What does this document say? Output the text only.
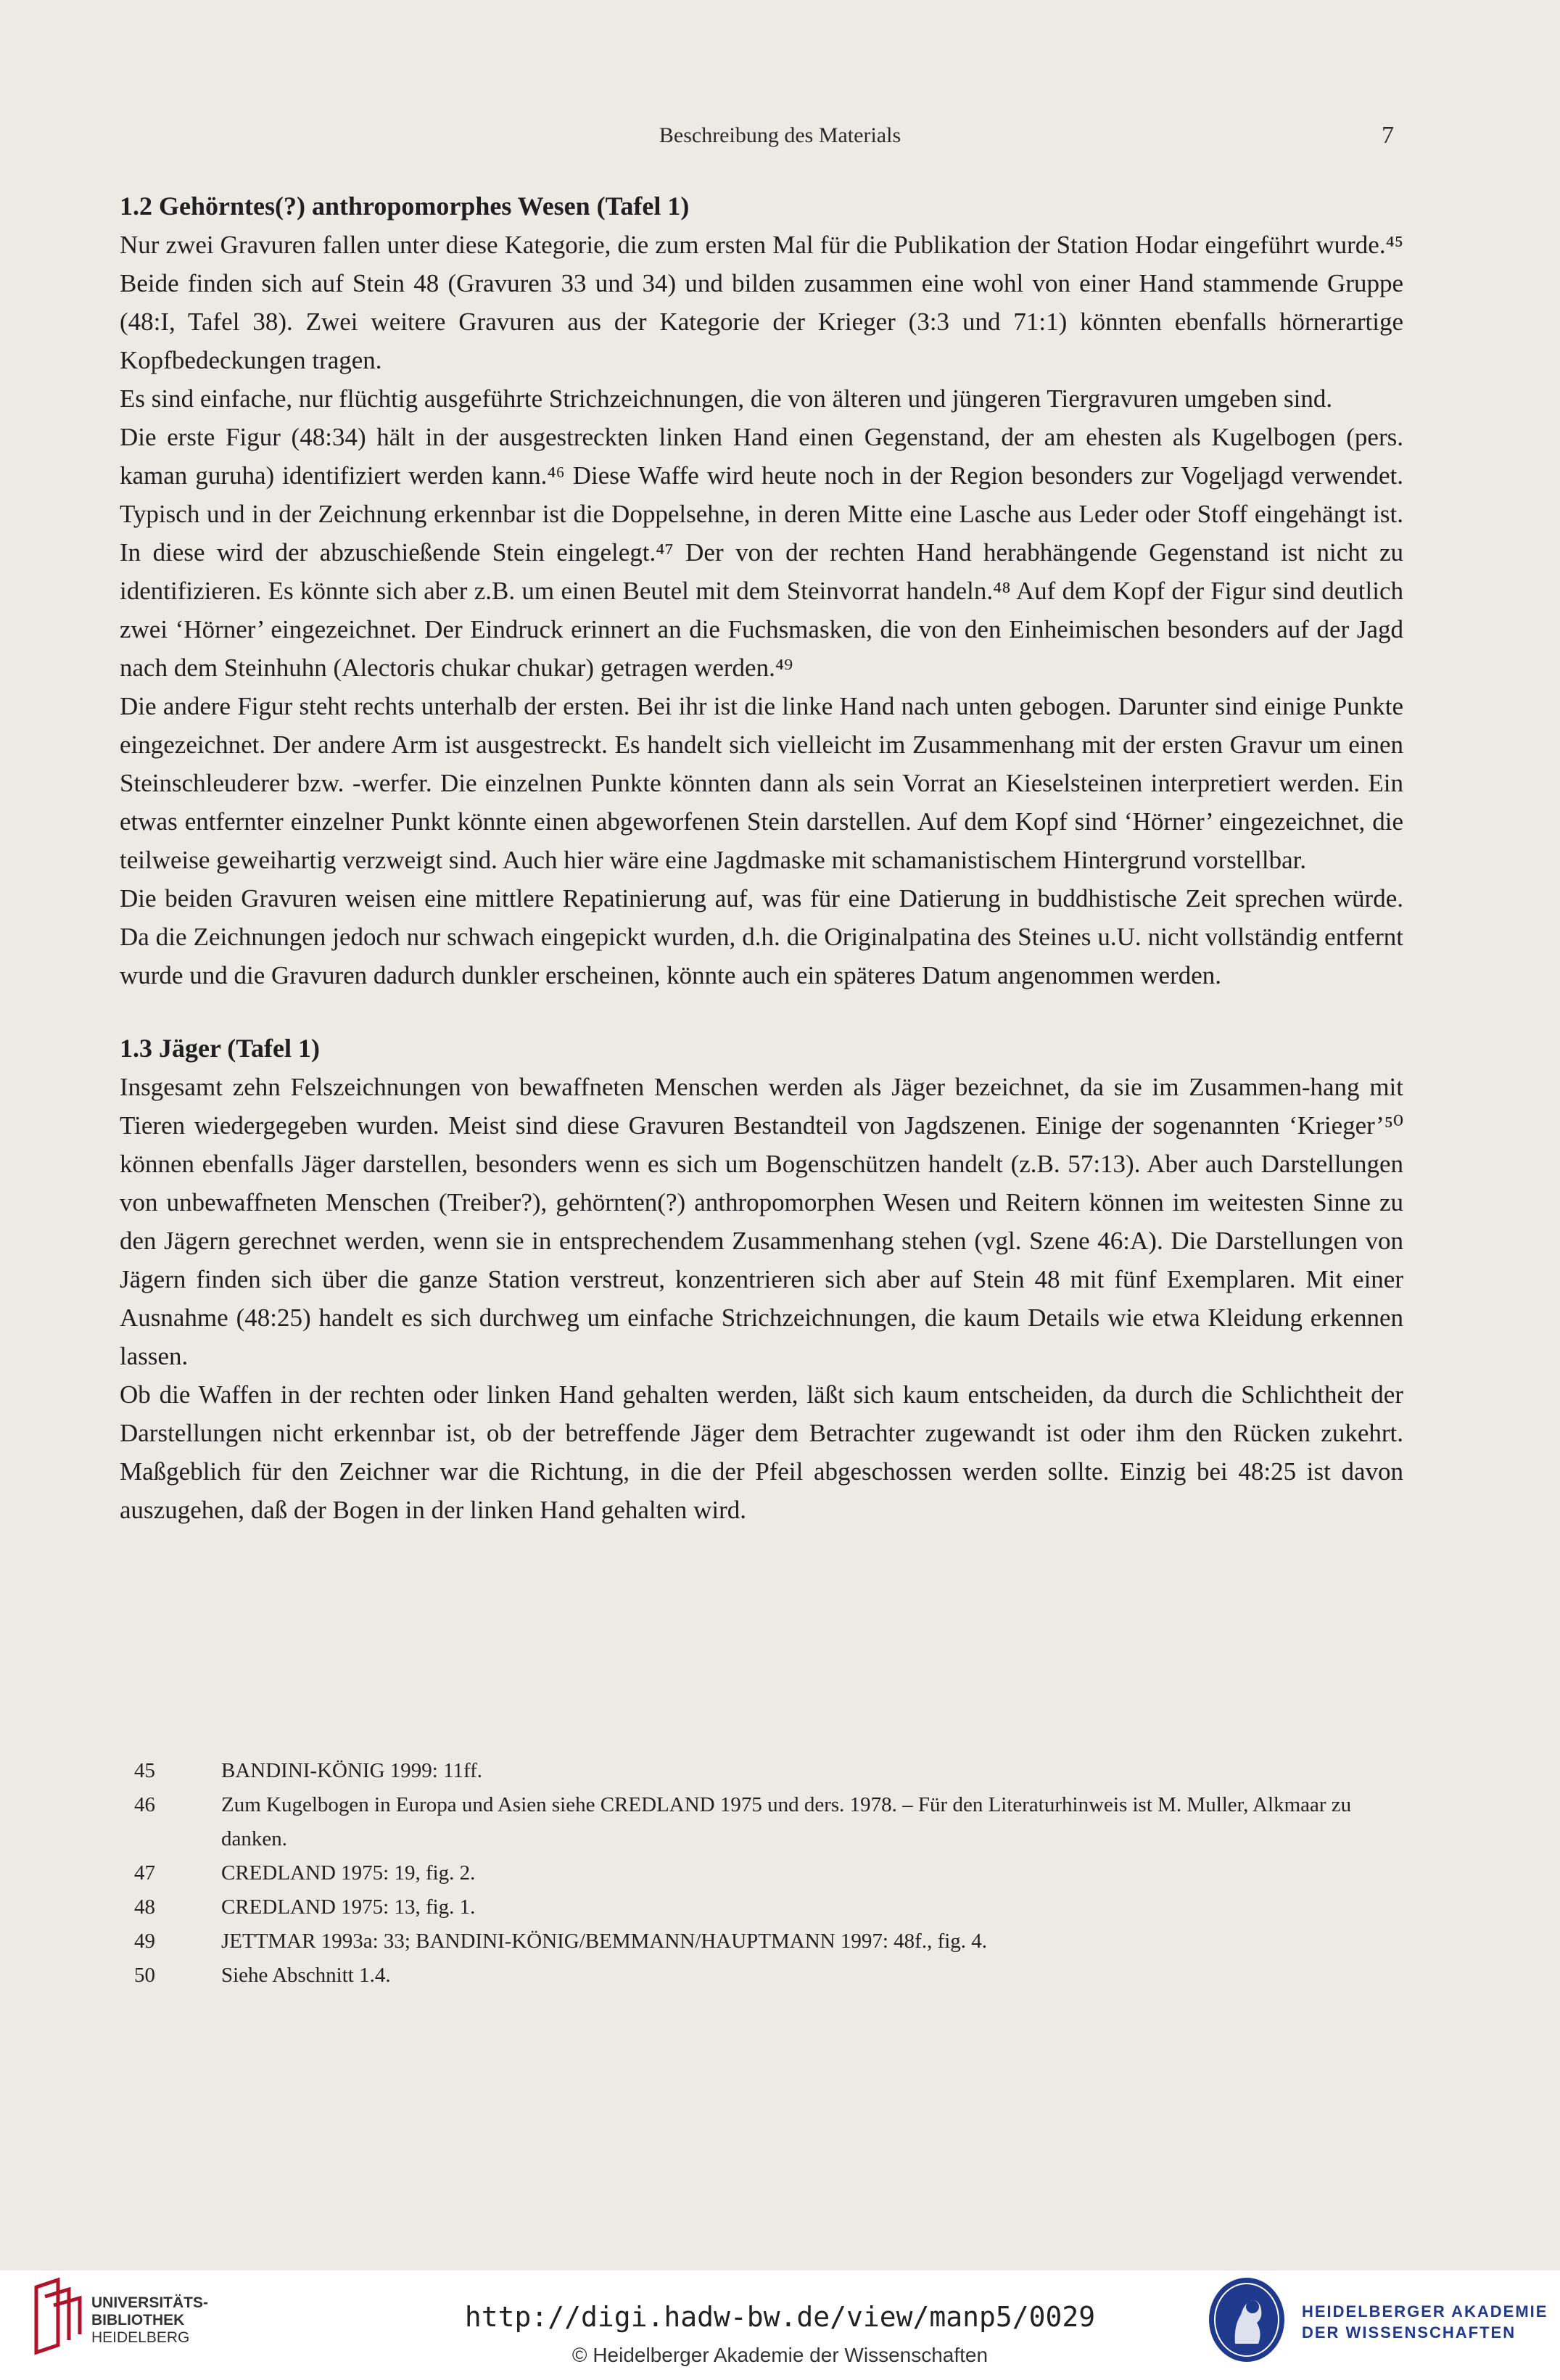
Beschreibung des Materials	7
1.2 Gehörntes(?) anthropomorphes Wesen (Tafel 1)

Nur zwei Gravuren fallen unter diese Kategorie, die zum ersten Mal für die Publikation der Station Hodar eingeführt wurde.⁴⁵ Beide finden sich auf Stein 48 (Gravuren 33 und 34) und bilden zusammen eine wohl von einer Hand stammende Gruppe (48:I, Tafel 38). Zwei weitere Gravuren aus der Kategorie der Krieger (3:3 und 71:1) könnten ebenfalls hörnerartige Kopfbedeckungen tragen.

Es sind einfache, nur flüchtig ausgeführte Strichzeichnungen, die von älteren und jüngeren Tiergravuren umgeben sind.

Die erste Figur (48:34) hält in der ausgestreckten linken Hand einen Gegenstand, der am ehesten als Kugelbogen (pers. kaman guruha) identifiziert werden kann.⁴⁶ Diese Waffe wird heute noch in der Region besonders zur Vogeljagd verwendet. Typisch und in der Zeichnung erkennbar ist die Doppelsehne, in deren Mitte eine Lasche aus Leder oder Stoff eingehängt ist. In diese wird der abzuschießende Stein eingelegt.⁴⁷ Der von der rechten Hand herabhängende Gegenstand ist nicht zu identifizieren. Es könnte sich aber z.B. um einen Beutel mit dem Steinvorrat handeln.⁴⁸ Auf dem Kopf der Figur sind deutlich zwei ‘Hörner’ eingezeichnet. Der Eindruck erinnert an die Fuchsmasken, die von den Einheimischen besonders auf der Jagd nach dem Steinhuhn (Alectoris chukar chukar) getragen werden.⁴⁹

Die andere Figur steht rechts unterhalb der ersten. Bei ihr ist die linke Hand nach unten gebogen. Darunter sind einige Punkte eingezeichnet. Der andere Arm ist ausgestreckt. Es handelt sich vielleicht im Zusammenhang mit der ersten Gravur um einen Steinschleuderer bzw. -werfer. Die einzelnen Punkte könnten dann als sein Vorrat an Kieselsteinen interpretiert werden. Ein etwas entfernter einzelner Punkt könnte einen abgeworfenen Stein darstellen. Auf dem Kopf sind ‘Hörner’ eingezeichnet, die teilweise geweihartig verzweigt sind. Auch hier wäre eine Jagdmaske mit schamanistischem Hintergrund vorstellbar.

Die beiden Gravuren weisen eine mittlere Repatinierung auf, was für eine Datierung in buddhistische Zeit sprechen würde. Da die Zeichnungen jedoch nur schwach eingepickt wurden, d.h. die Originalpatina des Steines u.U. nicht vollständig entfernt wurde und die Gravuren dadurch dunkler erscheinen, könnte auch ein späteres Datum angenommen werden.

1.3 Jäger (Tafel 1)

Insgesamt zehn Felszeichnungen von bewaffneten Menschen werden als Jäger bezeichnet, da sie im Zusammen-hang mit Tieren wiedergegeben wurden. Meist sind diese Gravuren Bestandteil von Jagdszenen. Einige der sogenannten ‘Krieger’⁵⁰ können ebenfalls Jäger darstellen, besonders wenn es sich um Bogenschützen handelt (z.B. 57:13). Aber auch Darstellungen von unbewaffneten Menschen (Treiber?), gehörnten(?) anthropomorphen Wesen und Reitern können im weitesten Sinne zu den Jägern gerechnet werden, wenn sie in entsprechendem Zusammenhang stehen (vgl. Szene 46:A). Die Darstellungen von Jägern finden sich über die ganze Station verstreut, konzentrieren sich aber auf Stein 48 mit fünf Exemplaren. Mit einer Ausnahme (48:25) handelt es sich durchweg um einfache Strichzeichnungen, die kaum Details wie etwa Kleidung erkennen lassen.

Ob die Waffen in der rechten oder linken Hand gehalten werden, läßt sich kaum entscheiden, da durch die Schlichtheit der Darstellungen nicht erkennbar ist, ob der betreffende Jäger dem Betrachter zugewandt ist oder ihm den Rücken zukehrt. Maßgeblich für den Zeichner war die Richtung, in die der Pfeil abgeschossen werden sollte. Einzig bei 48:25 ist davon auszugehen, daß der Bogen in der linken Hand gehalten wird.

45	BANDINI-KÖNIG 1999: 11ff.

46	Zum Kugelbogen in Europa und Asien siehe CREDLAND 1975 und ders. 1978. – Für den Literaturhinweis ist M. Muller, Alkmaar zu danken.

47	CREDLAND 1975: 19, fig. 2.

48	CREDLAND 1975: 13, fig. 1.

49	JETTMAR 1993a: 33; BANDINI-KÖNIG/BEMMANN/HAUPTMANN 1997: 48f., fig. 4.

50	Siehe Abschnitt 1.4.

UNIVERSITÄTS-
BIBLIOTHEK
HEIDELBERG
http://digi.hadw-bw.de/view/manp5/0029
© Heidelberger Akademie der Wissenschaften
HEIDELBERGER AKADEMIE
DER WISSENSCHAFTEN
